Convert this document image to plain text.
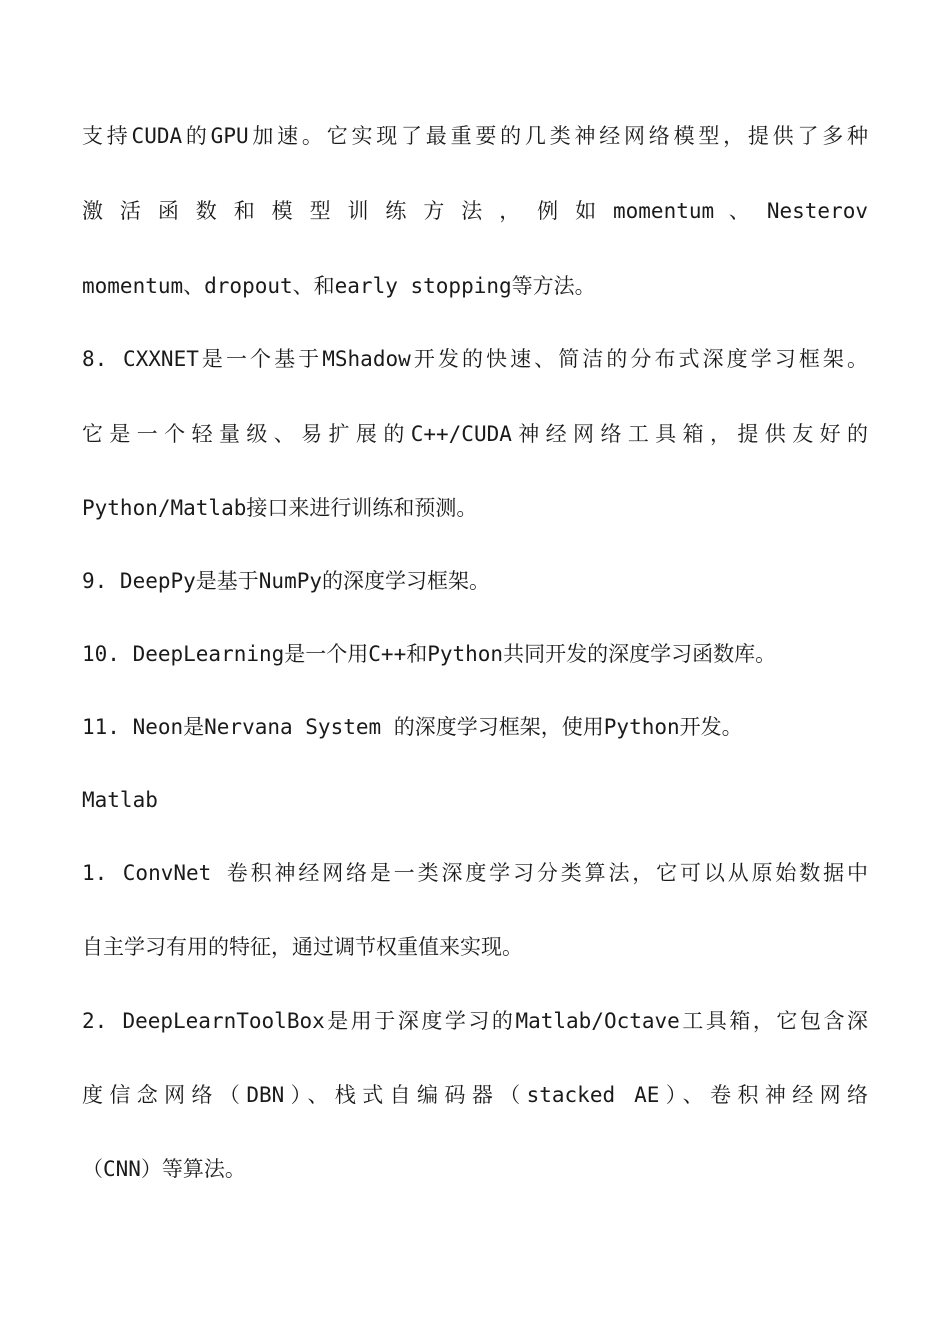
支持CUDA的GPU加速。它实现了最重要的几类神经网络模型，提供了多种
激 活 函 数 和 模 型 训 练 方 法 ， 例 如 momentum 、 Nesterov
momentum、dropout、和early stopping等方法。
8. CXXNET是一个基于MShadow开发的快速、简洁的分布式深度学习框架。
它是一个轻量级、易扩展的C++/CUDA神经网络工具箱，提供友好的
Python/Matlab接口来进行训练和预测。
9. DeepPy是基于NumPy的深度学习框架。
10. DeepLearning是一个用C++和Python共同开发的深度学习函数库。
11. Neon是Nervana System 的深度学习框架，使用Python开发。
Matlab
1. ConvNet 卷积神经网络是一类深度学习分类算法，它可以从原始数据中
自主学习有用的特征，通过调节权重值来实现。
2. DeepLearnToolBox是用于深度学习的Matlab/Octave工具箱，它包含深
度信念网络（DBN）、栈式自编码器（stacked AE）、卷积神经网络
（CNN）等算法。
